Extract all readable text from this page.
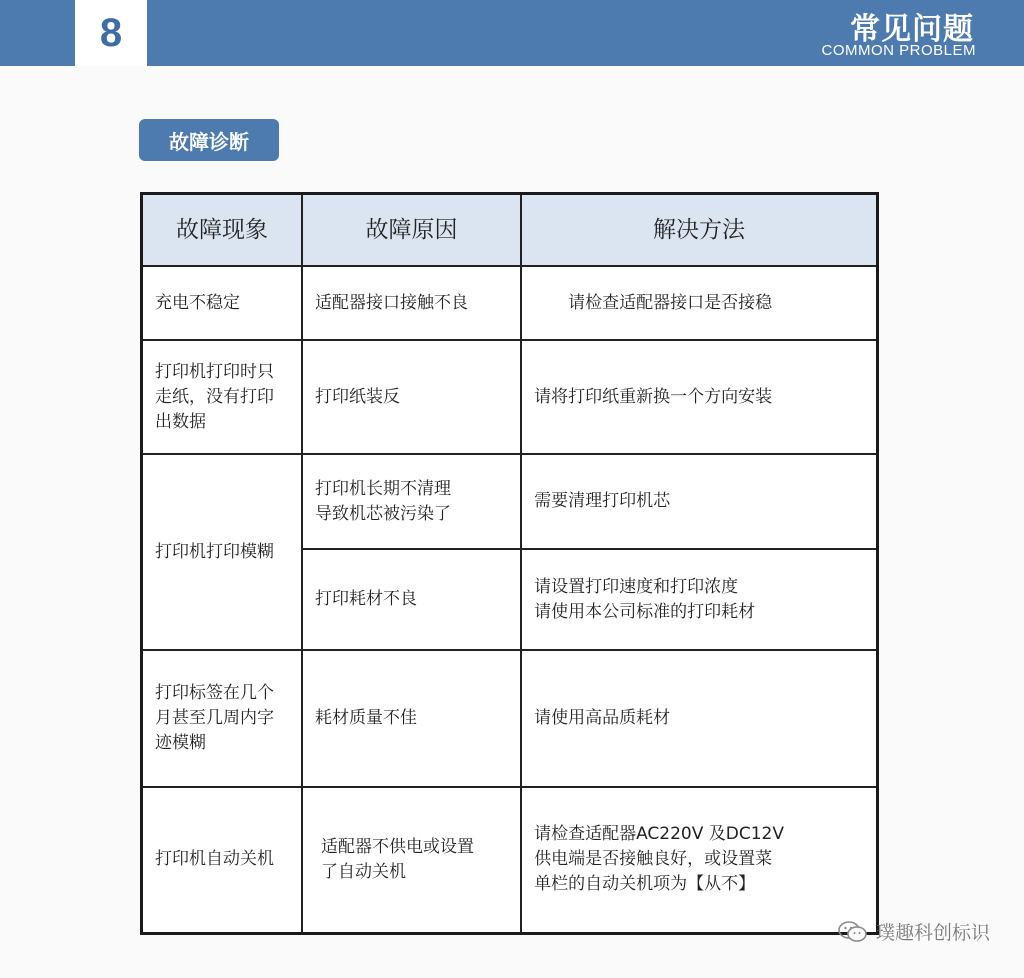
8	常见问题
COMMON PROBLEM
故障诊断
故障现象	故障原因	解决方法

充电不稳定	适配器接口接触不良	请检查适配器接口是否接稳

打印机打印时只
走纸，没有打印
出数据	打印纸装反	请将打印纸重新换一个方向安装

打印机打印模糊	打印机长期不清理
导致机芯被污染了	需要清理打印机芯

	打印耗材不良	请设置打印速度和打印浓度
请使用本公司标准的打印耗材

打印标签在几个
月甚至几周内字
迹模糊	耗材质量不佳	请使用高品质耗材

打印机自动关机	适配器不供电或设置
了自动关机	请检查适配器AC220V 及DC12V
供电端是否接触良好，或设置菜
单栏的自动关机项为【从不】
璞趣科创标识
